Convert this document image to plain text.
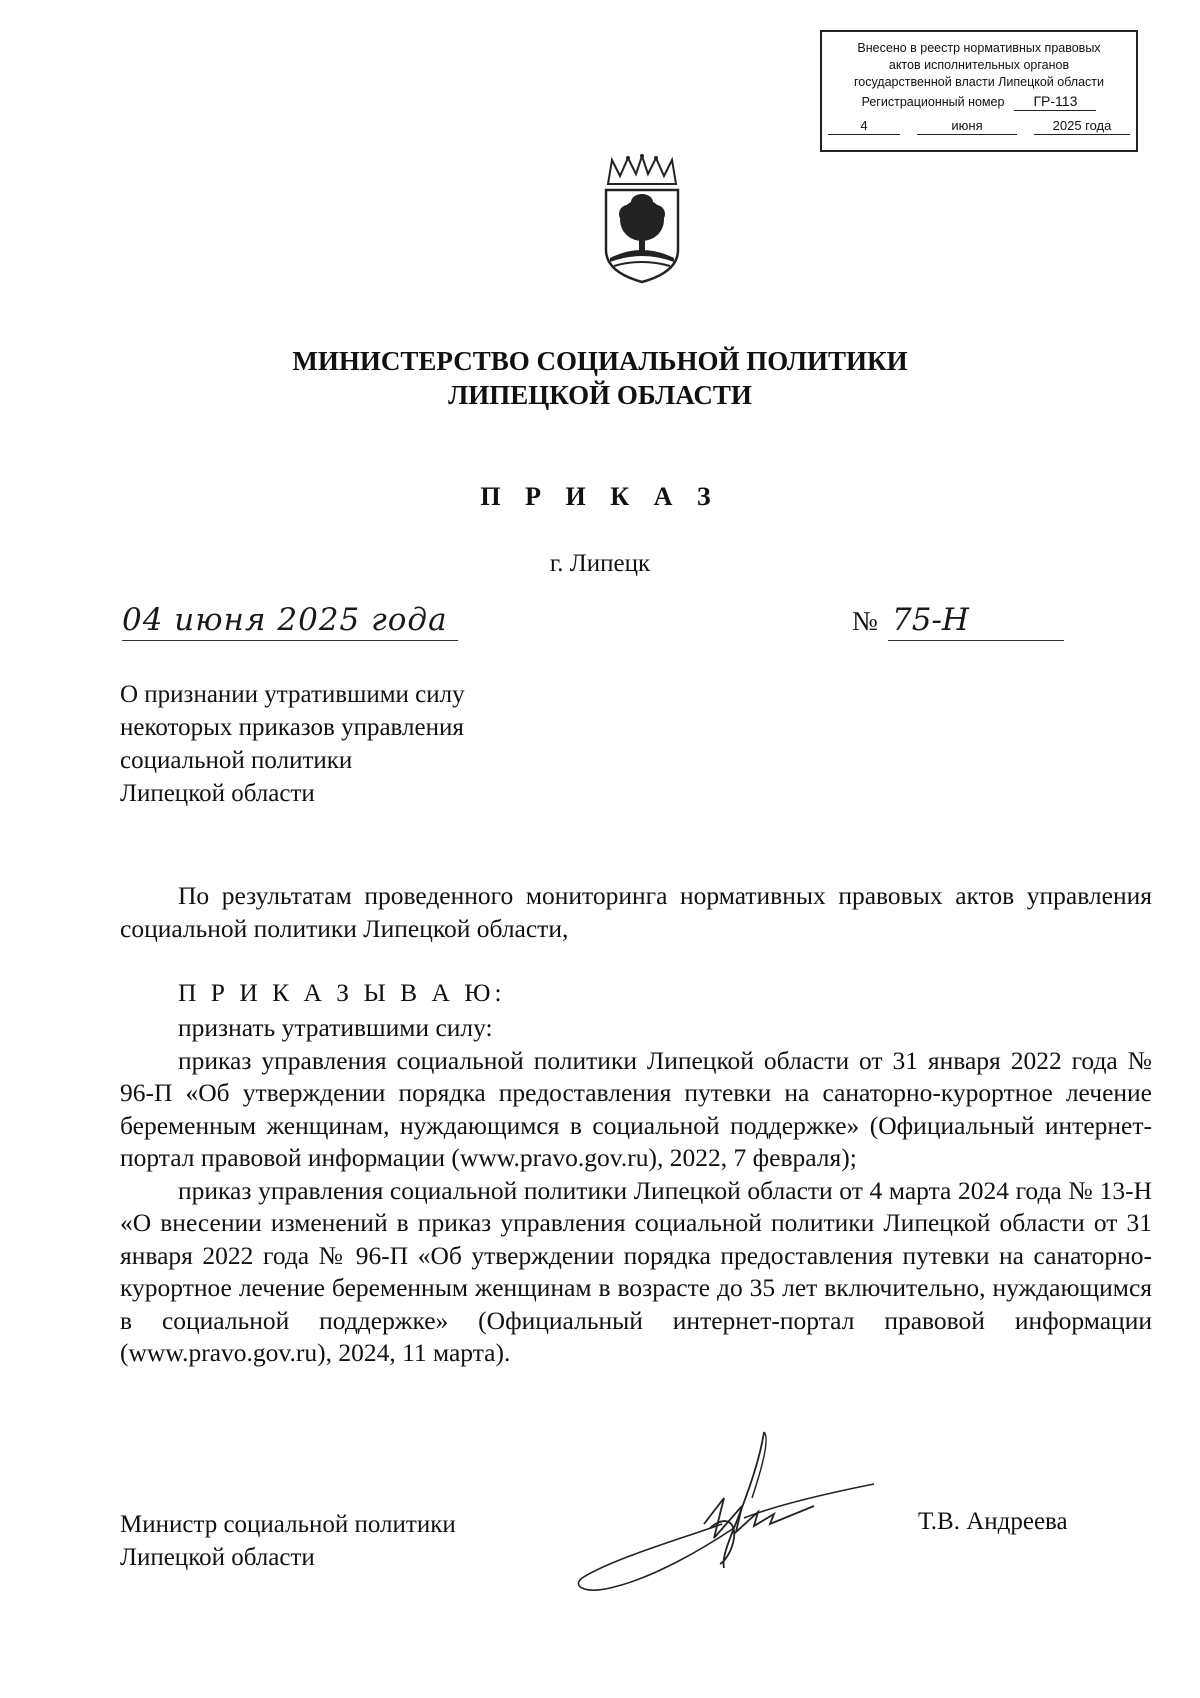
Внесено в реестр нормативных правовых
актов исполнительных органов
государственной власти Липецкой области
Регистрационный номер	ГР-113
4	июня	2025 года
МИНИСТЕРСТВО СОЦИАЛЬНОЙ ПОЛИТИКИ
ЛИПЕЦКОЙ ОБЛАСТИ
П Р И К А З
г. Липецк
04 июня 2025 года	№ 75-Н
О признании утратившими силу
некоторых приказов управления
социальной политики
Липецкой области
По результатам проведенного мониторинга нормативных правовых актов управления социальной политики Липецкой области,
П Р И К А З Ы В А Ю:
признать утратившими силу:
приказ управления социальной политики Липецкой области от 31 января 2022 года № 96-П «Об утверждении порядка предоставления путевки на санаторно-курортное лечение беременным женщинам, нуждающимся в социальной поддержке» (Официальный интернет-портал правовой информации (www.pravo.gov.ru), 2022, 7 февраля);
приказ управления социальной политики Липецкой области от 4 марта 2024 года № 13-Н «О внесении изменений в приказ управления социальной политики Липецкой области от 31 января 2022 года № 96-П «Об утверждении порядка предоставления путевки на санаторно-курортное лечение беременным женщинам в возрасте до 35 лет включительно, нуждающимся в социальной поддержке» (Официальный интернет-портал правовой информации (www.pravo.gov.ru), 2024, 11 марта).
Министр социальной политики
Липецкой области
Т.В. Андреева
